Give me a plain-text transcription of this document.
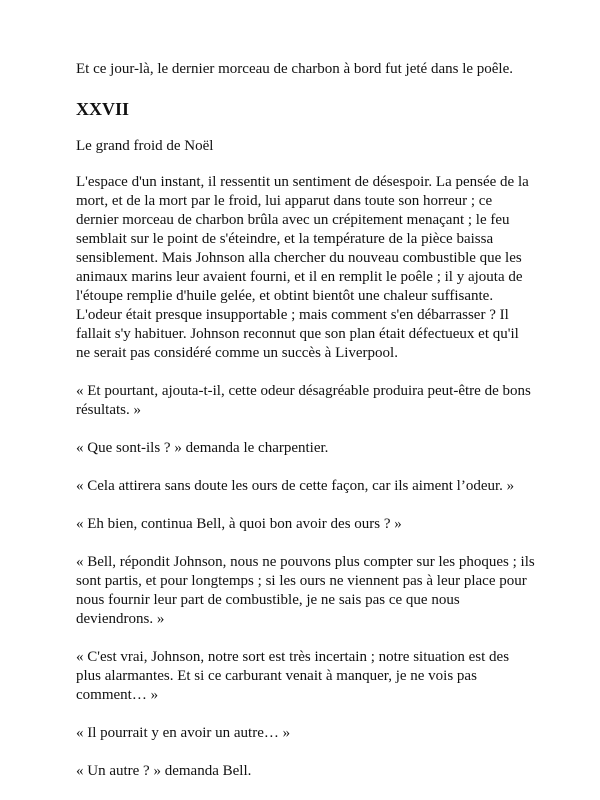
Et ce jour-là, le dernier morceau de charbon à bord fut jeté dans le poêle.

XXVII

Le grand froid de Noël

L'espace d'un instant, il ressentit un sentiment de désespoir. La pensée de la mort, et de la mort par le froid, lui apparut dans toute son horreur ; ce dernier morceau de charbon brûla avec un crépitement menaçant ; le feu semblait sur le point de s'éteindre, et la température de la pièce baissa sensiblement. Mais Johnson alla chercher du nouveau combustible que les animaux marins leur avaient fourni, et il en remplit le poêle ; il y ajouta de l'étoupe remplie d'huile gelée, et obtint bientôt une chaleur suffisante. L'odeur était presque insupportable ; mais comment s'en débarrasser ? Il fallait s'y habituer. Johnson reconnut que son plan était défectueux et qu'il ne serait pas considéré comme un succès à Liverpool.

« Et pourtant, ajouta-t-il, cette odeur désagréable produira peut-être de bons résultats. »

« Que sont-ils ? » demanda le charpentier.

« Cela attirera sans doute les ours de cette façon, car ils aiment l’odeur. »

« Eh bien, continua Bell, à quoi bon avoir des ours ? »

« Bell, répondit Johnson, nous ne pouvons plus compter sur les phoques ; ils sont partis, et pour longtemps ; si les ours ne viennent pas à leur place pour nous fournir leur part de combustible, je ne sais pas ce que nous deviendrons. »

« C'est vrai, Johnson, notre sort est très incertain ; notre situation est des plus alarmantes. Et si ce carburant venait à manquer, je ne vois pas comment… »

« Il pourrait y en avoir un autre… »

« Un autre ? » demanda Bell.
